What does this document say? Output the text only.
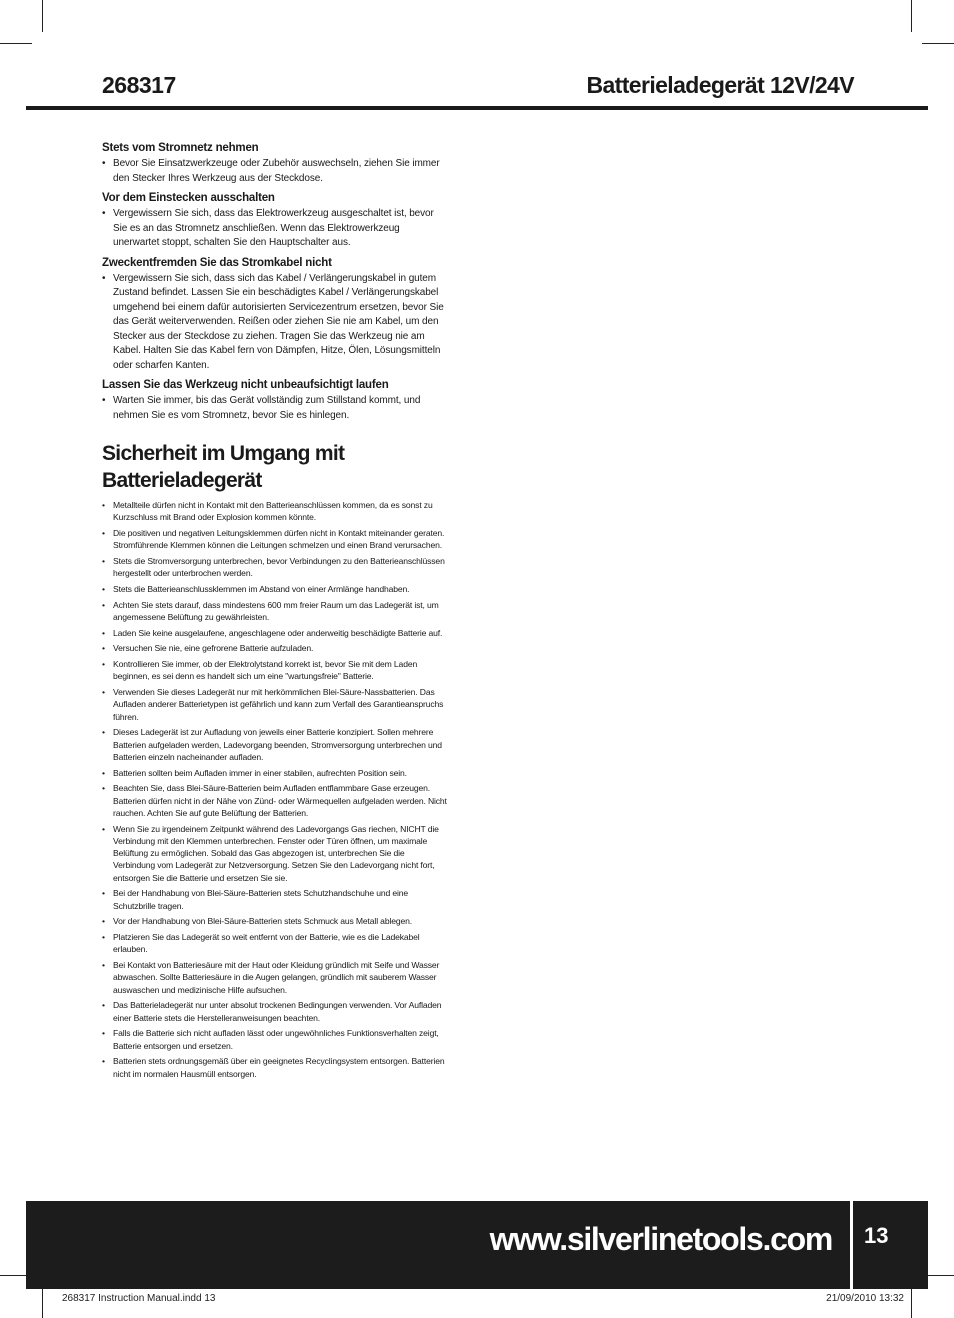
268317	Batterieladegerät 12V/24V
Stets vom Stromnetz nehmen
• Bevor Sie Einsatzwerkzeuge oder Zubehör auswechseln, ziehen Sie immer den Stecker Ihres Werkzeug aus der Steckdose.
Vor dem Einstecken ausschalten
• Vergewissern Sie sich, dass das Elektrowerkzeug ausgeschaltet ist, bevor Sie es an das Stromnetz anschließen. Wenn das Elektrowerkzeug unerwartet stoppt, schalten Sie den Hauptschalter aus.
Zweckentfremden Sie das Stromkabel nicht
• Vergewissern Sie sich, dass sich das Kabel / Verlängerungskabel in gutem Zustand befindet. Lassen Sie ein beschädigtes Kabel / Verlängerungskabel umgehend bei einem dafür autorisierten Servicezentrum ersetzen, bevor Sie das Gerät weiterverwenden. Reißen oder ziehen Sie nie am Kabel, um den Stecker aus der Steckdose zu ziehen. Tragen Sie das Werkzeug nie am Kabel. Halten Sie das Kabel fern von Dämpfen, Hitze, Ölen, Lösungsmitteln oder scharfen Kanten.
Lassen Sie das Werkzeug nicht unbeaufsichtigt laufen
• Warten Sie immer, bis das Gerät vollständig zum Stillstand kommt, und nehmen Sie es vom Stromnetz, bevor Sie es hinlegen.
Sicherheit im Umgang mit
Batterieladegerät
• Metallteile dürfen nicht in Kontakt mit den Batterieanschlüssen kommen, da es sonst zu Kurzschluss mit Brand oder Explosion kommen könnte.
• Die positiven und negativen Leitungsklemmen dürfen nicht in Kontakt miteinander geraten. Stromführende Klemmen können die Leitungen schmelzen und einen Brand verursachen.
• Stets die Stromversorgung unterbrechen, bevor Verbindungen zu den Batterieanschlüssen hergestellt oder unterbrochen werden.
• Stets die Batterieanschlussklemmen im Abstand von einer Armlänge handhaben.
• Achten Sie stets darauf, dass mindestens 600 mm freier Raum um das Ladegerät ist, um angemessene Belüftung zu gewährleisten.
• Laden Sie keine ausgelaufene, angeschlagene oder anderweitig beschädigte Batterie auf.
• Versuchen Sie nie, eine gefrorene Batterie aufzuladen.
• Kontrollieren Sie immer, ob der Elektrolytstand korrekt ist, bevor Sie mit dem Laden beginnen, es sei denn es handelt sich um eine "wartungsfreie" Batterie.
• Verwenden Sie dieses Ladegerät nur mit herkömmlichen Blei-Säure-Nassbatterien. Das Aufladen anderer Batterietypen ist gefährlich und kann zum Verfall des Garantieanspruchs führen.
• Dieses Ladegerät ist zur Aufladung von jeweils einer Batterie konzipiert. Sollen mehrere Batterien aufgeladen werden, Ladevorgang beenden, Stromversorgung unterbrechen und Batterien einzeln nacheinander aufladen.
• Batterien sollten beim Aufladen immer in einer stabilen, aufrechten Position sein.
• Beachten Sie, dass Blei-Säure-Batterien beim Aufladen entflammbare Gase erzeugen. Batterien dürfen nicht in der Nähe von Zünd- oder Wärmequellen aufgeladen werden. Nicht rauchen. Achten Sie auf gute Belüftung der Batterien.
• Wenn Sie zu irgendeinem Zeitpunkt während des Ladevorgangs Gas riechen, NICHT die Verbindung mit den Klemmen unterbrechen. Fenster oder Türen öffnen, um maximale Belüftung zu ermöglichen. Sobald das Gas abgezogen ist, unterbrechen Sie die Verbindung vom Ladegerät zur Netzversorgung. Setzen Sie den Ladevorgang nicht fort, entsorgen Sie die Batterie und ersetzen Sie sie.
• Bei der Handhabung von Blei-Säure-Batterien stets Schutzhandschuhe und eine Schutzbrille tragen.
• Vor der Handhabung von Blei-Säure-Batterien stets Schmuck aus Metall ablegen.
• Platzieren Sie das Ladegerät so weit entfernt von der Batterie, wie es die Ladekabel erlauben.
• Bei Kontakt von Batteriesäure mit der Haut oder Kleidung gründlich mit Seife und Wasser abwaschen. Sollte Batteriesäure in die Augen gelangen, gründlich mit sauberem Wasser auswaschen und medizinische Hilfe aufsuchen.
• Das Batterieladegerät nur unter absolut trockenen Bedingungen verwenden. Vor Aufladen einer Batterie stets die Herstelleranweisungen beachten.
• Falls die Batterie sich nicht aufladen lässt oder ungewöhnliches Funktionsverhalten zeigt, Batterie entsorgen und ersetzen.
• Batterien stets ordnungsgemäß über ein geeignetes Recyclingsystem entsorgen. Batterien nicht im normalen Hausmüll entsorgen.
www.silverlinetools.com 13
268317 Instruction Manual.indd 13	21/09/2010 13:32
